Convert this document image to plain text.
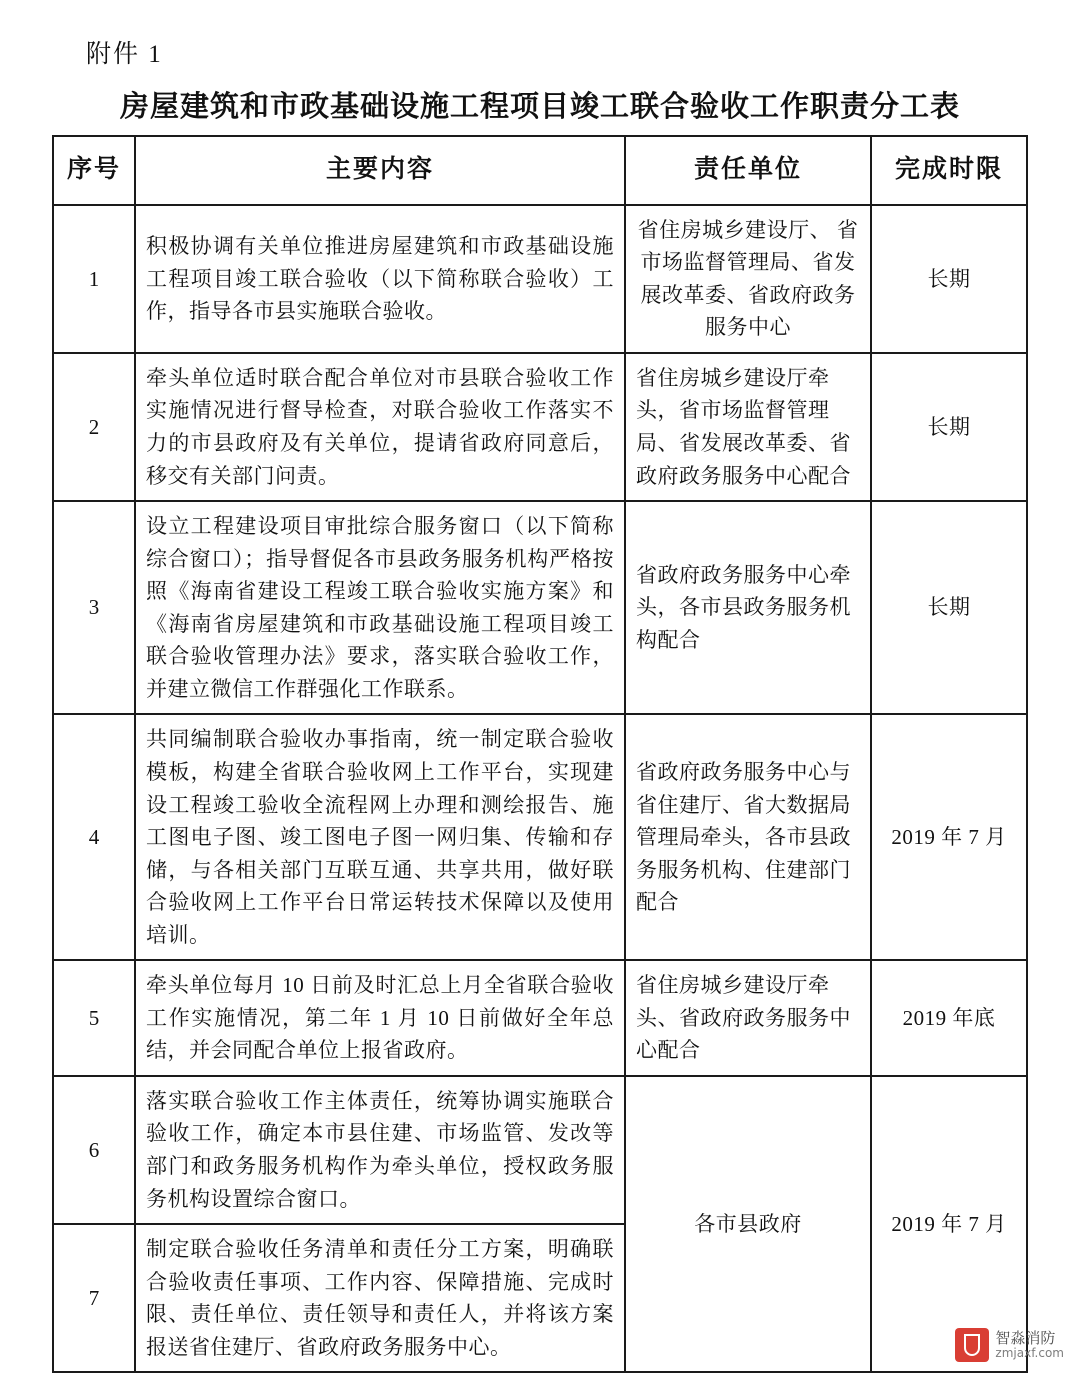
附件 1
房屋建筑和市政基础设施工程项目竣工联合验收工作职责分工表
序号	主要内容	责任单位	完成时限
1	积极协调有关单位推进房屋建筑和市政基础设施工程项目竣工联合验收（以下简称联合验收）工作，指导各市县实施联合验收。	省住房城乡建设厅、 省市场监督管理局、省发展改革委、省政府政务服务中心	长期
2	牵头单位适时联合配合单位对市县联合验收工作实施情况进行督导检查，对联合验收工作落实不力的市县政府及有关单位，提请省政府同意后，移交有关部门问责。	省住房城乡建设厅牵头，省市场监督管理局、省发展改革委、省政府政务服务中心配合	长期
3	设立工程建设项目审批综合服务窗口（以下简称综合窗口）；指导督促各市县政务服务机构严格按照《海南省建设工程竣工联合验收实施方案》和《海南省房屋建筑和市政基础设施工程项目竣工联合验收管理办法》要求，落实联合验收工作，并建立微信工作群强化工作联系。	省政府政务服务中心牵头，各市县政务服务机构配合	长期
4	共同编制联合验收办事指南，统一制定联合验收模板，构建全省联合验收网上工作平台，实现建设工程竣工验收全流程网上办理和测绘报告、施工图电子图、竣工图电子图一网归集、传输和存储，与各相关部门互联互通、共享共用，做好联合验收网上工作平台日常运转技术保障以及使用培训。	省政府政务服务中心与省住建厅、省大数据局管理局牵头，各市县政务服务机构、住建部门配合	2019 年 7 月
5	牵头单位每月 10 日前及时汇总上月全省联合验收工作实施情况，第二年 1 月 10 日前做好全年总结，并会同配合单位上报省政府。	省住房城乡建设厅牵头、省政府政务服务中心配合	2019 年底
6	落实联合验收工作主体责任，统筹协调实施联合验收工作，确定本市县住建、市场监管、发改等部门和政务服务机构作为牵头单位，授权政务服务机构设置综合窗口。	各市县政府	2019 年 7 月
7	制定联合验收任务清单和责任分工方案，明确联合验收责任事项、工作内容、保障措施、完成时限、责任单位、责任领导和责任人，并将该方案报送省住建厅、省政府政务服务中心。			智淼消防
zmjaxf.com
